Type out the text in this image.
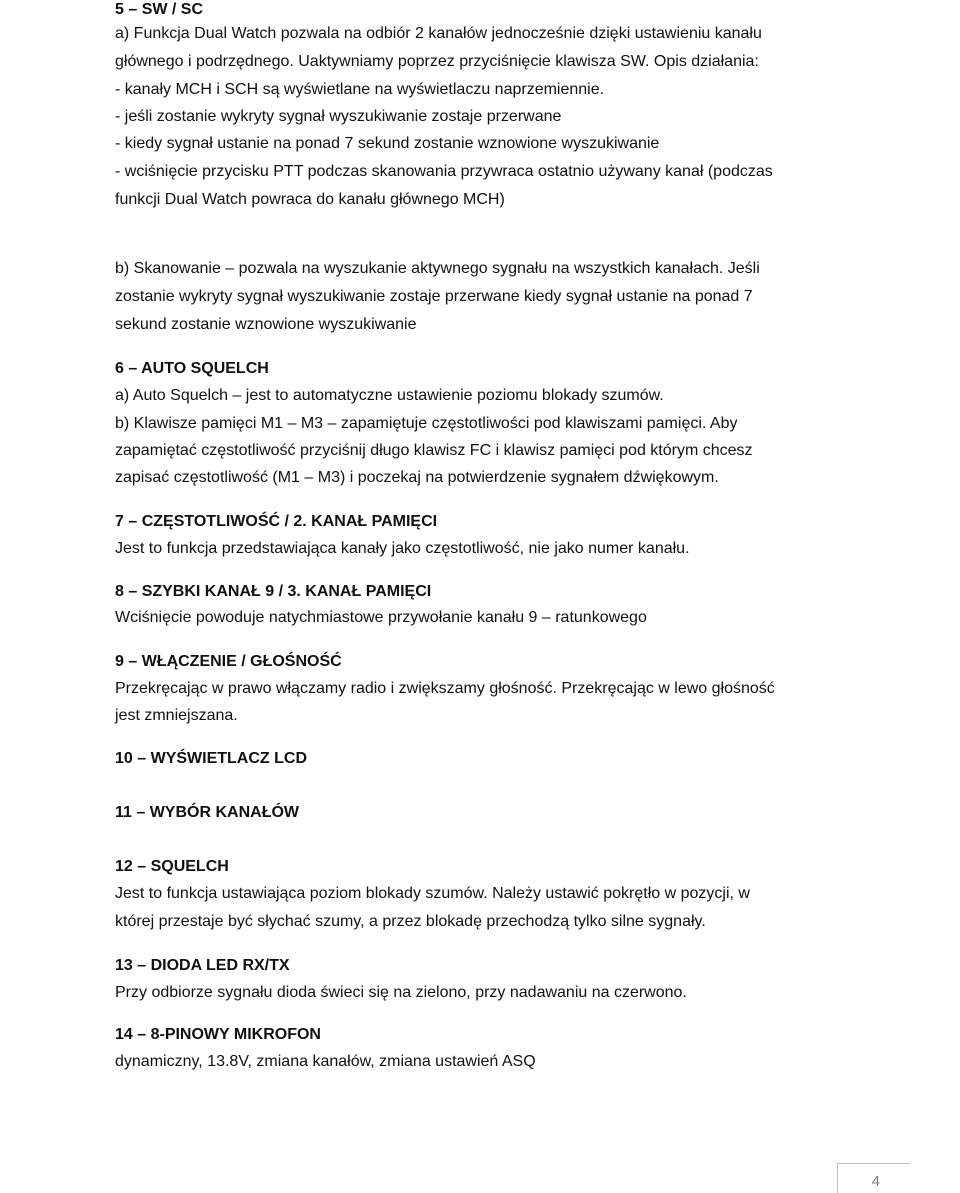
5 – SW / SC
a) Funkcja Dual Watch pozwala na odbiór 2 kanałów jednocześnie dzięki ustawieniu kanału
głównego i podrzędnego. Uaktywniamy poprzez przyciśnięcie klawisza SW. Opis działania:
- kanały MCH i SCH są wyświetlane na wyświetlaczu naprzemiennie.
- jeśli zostanie wykryty sygnał wyszukiwanie zostaje przerwane
- kiedy sygnał ustanie na ponad 7 sekund zostanie wznowione wyszukiwanie
- wciśnięcie przycisku PTT podczas skanowania przywraca ostatnio używany kanał (podczas
funkcji Dual Watch powraca do kanału głównego MCH)
b) Skanowanie – pozwala na wyszukanie aktywnego sygnału na wszystkich kanałach. Jeśli
zostanie wykryty sygnał wyszukiwanie zostaje przerwane kiedy sygnał ustanie na ponad 7
sekund zostanie wznowione wyszukiwanie
6 – AUTO SQUELCH
a) Auto Squelch – jest to automatyczne ustawienie poziomu blokady szumów.
b) Klawisze pamięci M1 – M3 – zapamiętuje częstotliwości pod klawiszami pamięci. Aby
zapamiętać częstotliwość przyciśnij długo klawisz FC i klawisz pamięci pod którym chcesz
zapisać częstotliwość (M1 – M3) i poczekaj na potwierdzenie sygnałem dźwiękowym.
7 – CZĘSTOTLIWOŚĆ / 2. KANAŁ PAMIĘCI
Jest to funkcja przedstawiająca kanały jako częstotliwość, nie jako numer kanału.
8 – SZYBKI KANAŁ 9 / 3. KANAŁ PAMIĘCI
Wciśnięcie powoduje natychmiastowe przywołanie kanału 9 – ratunkowego
9 – WŁĄCZENIE / GŁOŚNOŚĆ
Przekręcając w prawo włączamy radio i zwiększamy głośność. Przekręcając w lewo głośność
jest zmniejszana.
10 – WYŚWIETLACZ LCD
11 – WYBÓR KANAŁÓW
12 – SQUELCH
Jest to funkcja ustawiająca poziom blokady szumów. Należy ustawić pokrętło w pozycji, w
której przestaje być słychać szumy, a przez blokadę przechodzą tylko silne sygnały.
13 – DIODA LED RX/TX
Przy odbiorze sygnału dioda świeci się na zielono, przy nadawaniu na czerwono.
14 – 8-PINOWY MIKROFON
dynamiczny, 13.8V, zmiana kanałów, zmiana ustawień ASQ
4
